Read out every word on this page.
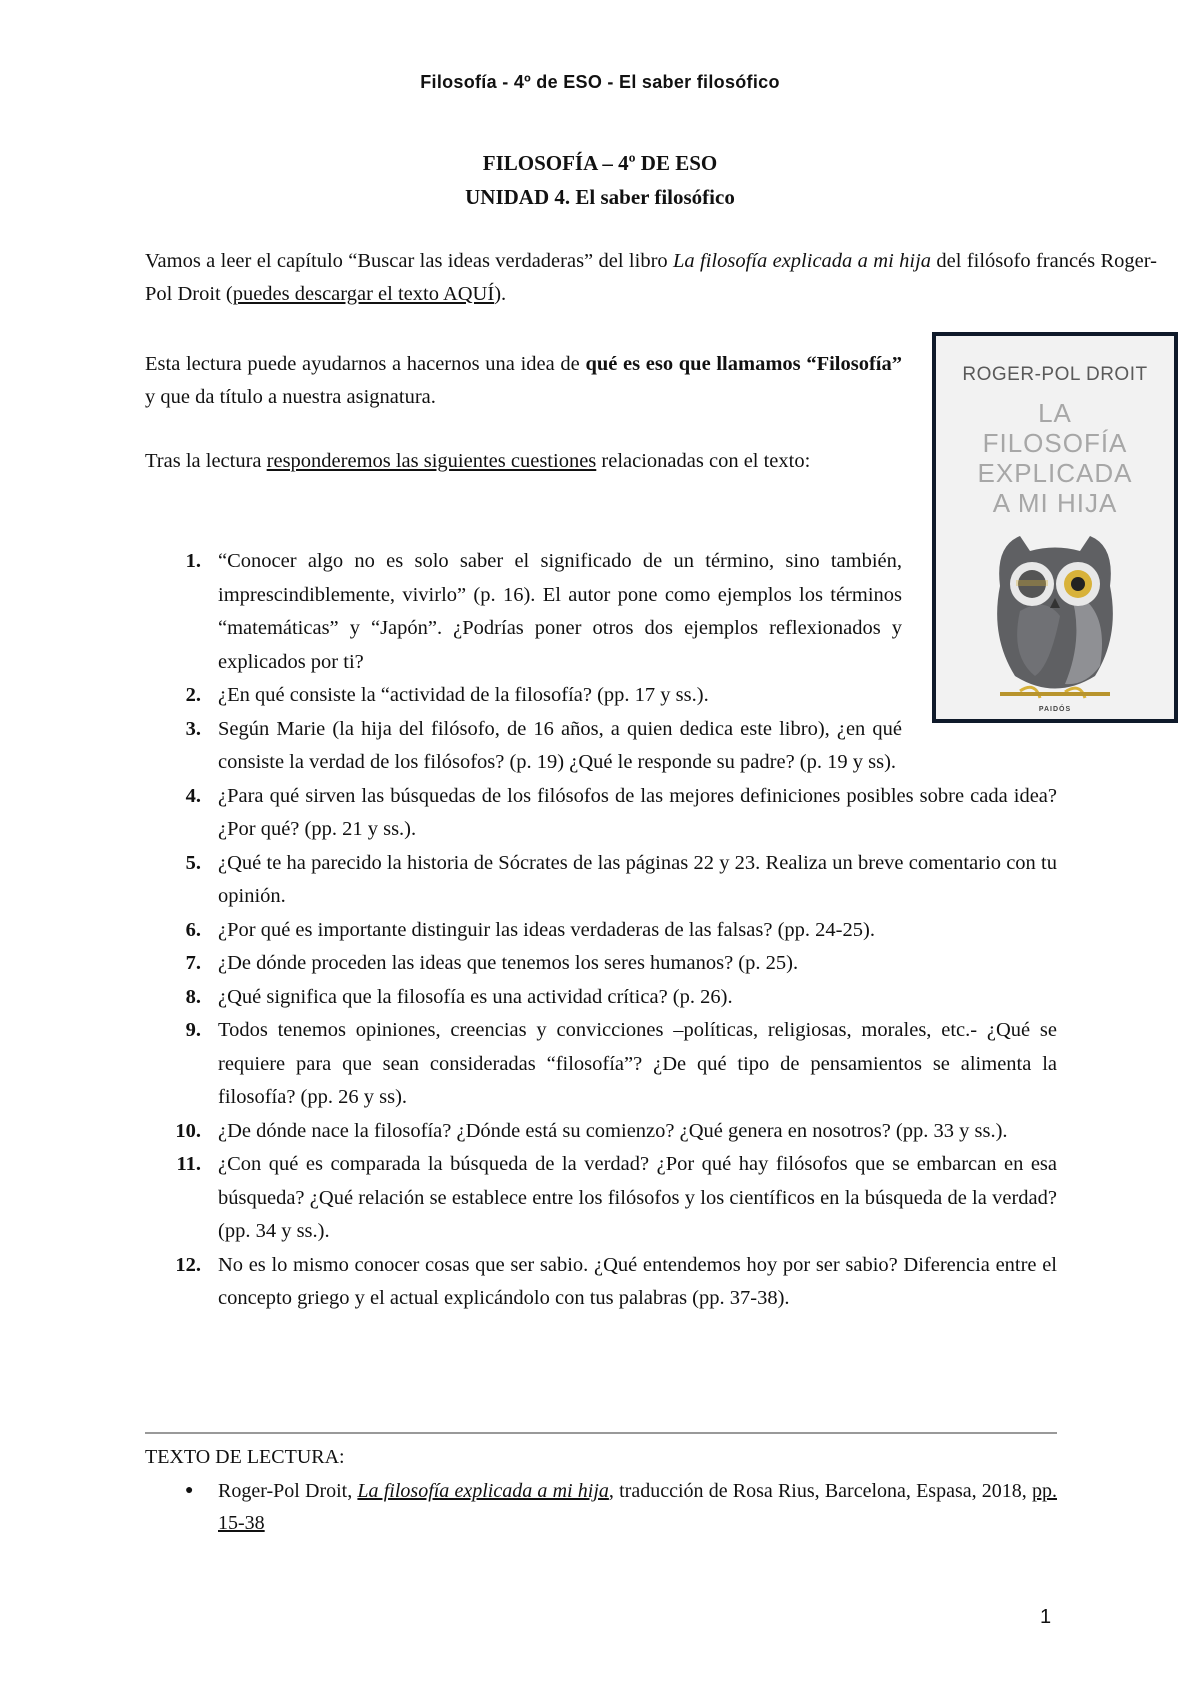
Filosofía - 4º de ESO - El saber filosófico
FILOSOFÍA – 4º DE ESO
UNIDAD 4. El saber filosófico

Vamos a leer el capítulo “Buscar las ideas verdaderas” del libro La filosofía explicada a mi hija del filósofo francés Roger-Pol Droit (puedes descargar el texto AQUÍ).

Esta lectura puede ayudarnos a hacernos una idea de qué es eso que llamamos “Filosofía” y que da título a nuestra asignatura.

Tras la lectura responderemos las siguientes cuestiones relacionadas con el texto:

ROGER-POL DROIT
LA
FILOSOFÍA
EXPLICADA
A MI HIJA
PAIDÓS
1. “Conocer algo no es solo saber el significado de un término, sino también, imprescindiblemente, vivirlo” (p. 16). El autor pone como ejemplos los términos “matemáticas” y “Japón”. ¿Podrías poner otros dos ejemplos reflexionados y explicados por ti?
2. ¿En qué consiste la “actividad de la filosofía? (pp. 17 y ss.).
3. Según Marie (la hija del filósofo, de 16 años, a quien dedica este libro), ¿en qué consiste la verdad de los filósofos? (p. 19) ¿Qué le responde su padre? (p. 19 y ss).
4. ¿Para qué sirven las búsquedas de los filósofos de las mejores definiciones posibles sobre cada idea? ¿Por qué? (pp. 21 y ss.).
5. ¿Qué te ha parecido la historia de Sócrates de las páginas 22 y 23. Realiza un breve comentario con tu opinión.
6. ¿Por qué es importante distinguir las ideas verdaderas de las falsas? (pp. 24-25).
7. ¿De dónde proceden las ideas que tenemos los seres humanos? (p. 25).
8. ¿Qué significa que la filosofía es una actividad crítica? (p. 26).
9. Todos tenemos opiniones, creencias y convicciones –políticas, religiosas, morales, etc.- ¿Qué se requiere para que sean consideradas “filosofía”? ¿De qué tipo de pensamientos se alimenta la filosofía? (pp. 26 y ss).
10. ¿De dónde nace la filosofía? ¿Dónde está su comienzo? ¿Qué genera en nosotros? (pp. 33 y ss.).
11. ¿Con qué es comparada la búsqueda de la verdad? ¿Por qué hay filósofos que se embarcan en esa búsqueda? ¿Qué relación se establece entre los filósofos y los científicos en la búsqueda de la verdad? (pp. 34 y ss.).
12. No es lo mismo conocer cosas que ser sabio. ¿Qué entendemos hoy por ser sabio? Diferencia entre el concepto griego y el actual explicándolo con tus palabras (pp. 37-38).
TEXTO DE LECTURA:
● Roger-Pol Droit, La filosofía explicada a mi hija, traducción de Rosa Rius, Barcelona, Espasa, 2018, pp. 15-38
1
